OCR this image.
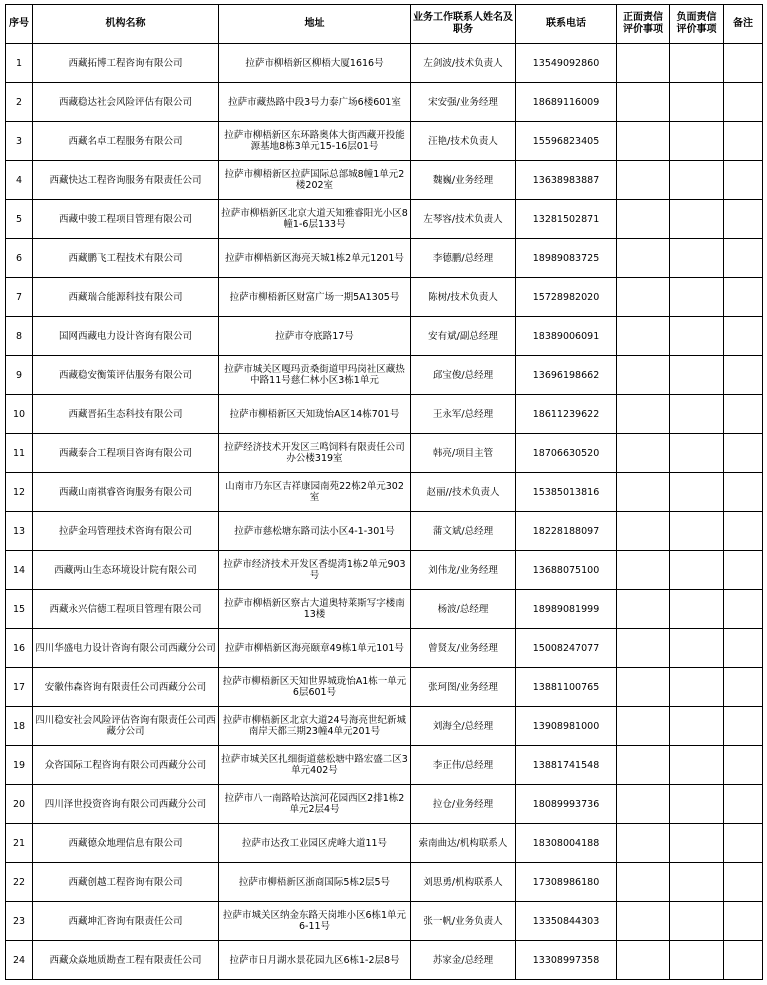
序号	机构名称	地址	业务工作联系人姓名及职务	联系电话	正面责信评价事项	负面责信评价事项	备注
1	西藏拓博工程咨询有限公司	拉萨市柳梧新区柳梧大厦1616号	左剑波/技术负责人	13549092860			
2	西藏稳达社会风险评估有限公司	拉萨市藏热路中段3号力泰广场6楼601室	宋安强/业务经理	18689116009			
3	西藏名卓工程服务有限公司	拉萨市柳梧新区东环路奥体大街西藏开投能源基地8栋3单元15-16层01号	汪艳/技术负责人	15596823405			
4	西藏快达工程咨询服务有限责任公司	拉萨市柳梧新区拉萨国际总部城8幢1单元2楼202室	魏巍/业务经理	13638983887			
5	西藏中骏工程项目管理有限公司	拉萨市柳梧新区北京大道天知雅睿阳光小区8幢1-6层133号	左琴容/技术负责人	13281502871			
6	西藏鹏飞工程技术有限公司	拉萨市柳梧新区海亮天城1栋2单元1201号	李德鹏/总经理	18989083725			
7	西藏瑞合能源科技有限公司	拉萨市柳梧新区财富广场一期5A1305号	陈树/技术负责人	15728982020			
8	国网西藏电力设计咨询有限公司	拉萨市夺底路17号	安有斌/副总经理	18389006091			
9	西藏稳安衡策评估服务有限公司	拉萨市城关区嘎玛贡桑街道甲玛岗社区藏热中路11号慈仁林小区3栋1单元	邱宝俊/总经理	13696198662			
10	西藏晋拓生态科技有限公司	拉萨市柳梧新区天知珑怡A区14栋701号	王永军/总经理	18611239622			
11	西藏泰合工程项目咨询有限公司	拉萨经济技术开发区三鸣饲料有限责任公司办公楼319室	韩亮/项目主管	18706630520			
12	西藏山南祺睿咨询服务有限公司	山南市乃东区吉祥康园南苑22栋2单元302室	赵丽//技术负责人	15385013816			
13	拉萨金玛管理技术咨询有限公司	拉萨市慈松塘东路司法小区4-1-301号	蒲文斌/总经理	18228188097			
14	西藏两山生态环境设计院有限公司	拉萨市经济技术开发区香缇湾1栋2单元903号	刘伟龙/业务经理	13688075100			
15	西藏永兴信德工程项目管理有限公司	拉萨市柳梧新区察古大道奥特莱斯写字楼南13楼	杨波/总经理	18989081999			
16	四川华盛电力设计咨询有限公司西藏分公司	拉萨市柳梧新区海亮颐章49栋1单元101号	曾贤友/业务经理	15008247077			
17	安徽伟森咨询有限责任公司西藏分公司	拉萨市柳梧新区天知世界城珑怡A1栋一单元6层601号	张珂图/业务经理	13881100765			
18	四川稳安社会风险评估咨询有限责任公司西藏分公司	拉萨市柳梧新区北京大道24号海亮世纪新城南岸天都三期23幢4单元201号	刘海全/总经理	13908981000			
19	众咨国际工程咨询有限公司西藏分公司	拉萨市城关区扎细街道慈松塘中路宏盛二区3单元402号	李正伟/总经理	13881741548			
20	四川泽世投资咨询有限公司西藏分公司	拉萨市八一南路哈达滨河花园西区2排1栋2单元2层4号	拉仓/业务经理	18089993736			
21	西藏德众地理信息有限公司	拉萨市达孜工业园区虎峰大道11号	索南曲达/机构联系人	18308004188			
22	西藏创越工程咨询有限公司	拉萨市柳梧新区浙商国际5栋2层5号	刘思勇/机构联系人	17308986180			
23	西藏坤汇咨询有限责任公司	拉萨市城关区纳金东路天岗堆小区6栋1单元6-11号	张一帆/业务负责人	13350844303			
24	西藏众焱地质勘查工程有限责任公司	拉萨市日月湖水景花园九区6栋1-2层8号	苏家金/总经理	13308997358			
